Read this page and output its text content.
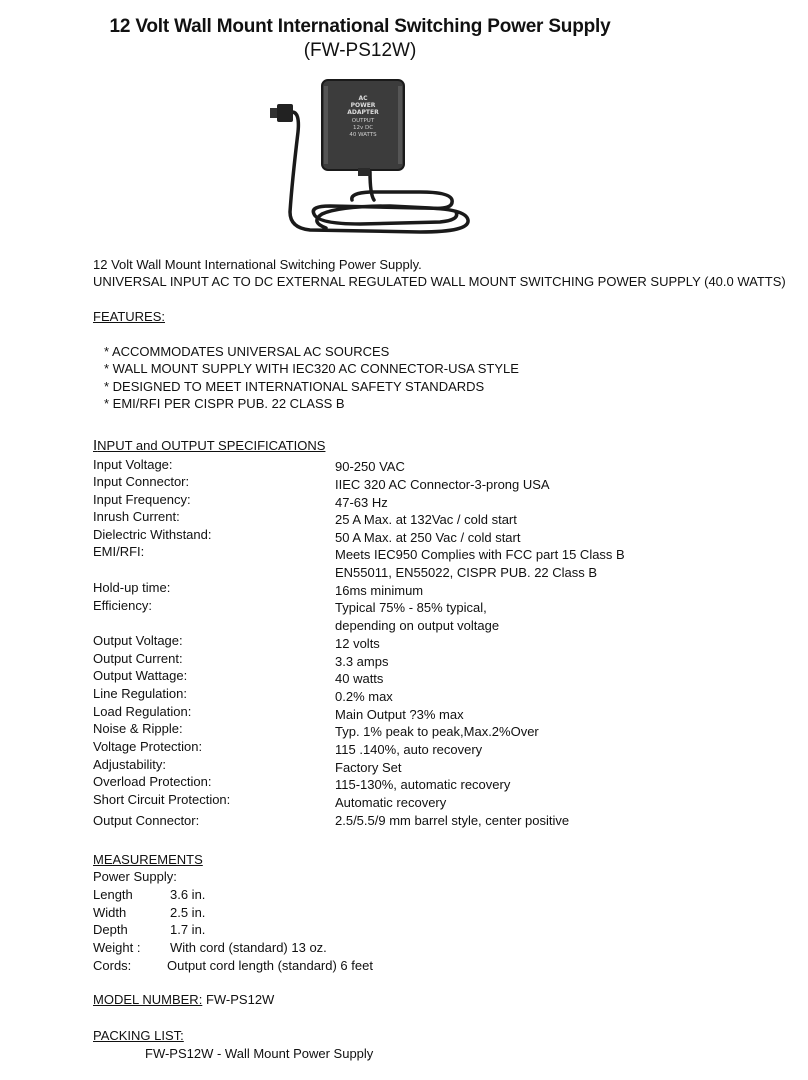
12 Volt Wall Mount International Switching Power Supply
(FW-PS12W)
AC
POWER
ADAPTER
OUTPUT
12v DC
40 WATTS
12 Volt Wall Mount International Switching Power Supply.
UNIVERSAL INPUT AC TO DC EXTERNAL REGULATED WALL MOUNT SWITCHING POWER SUPPLY (40.0 WATTS)
FEATURES:
* ACCOMMODATES UNIVERSAL AC SOURCES
* WALL MOUNT SUPPLY WITH IEC320 AC CONNECTOR-USA STYLE
* DESIGNED TO MEET INTERNATIONAL SAFETY STANDARDS
* EMI/RFI PER CISPR PUB. 22 CLASS B
INPUT and OUTPUT SPECIFICATIONS
Input Voltage:	90-250 VAC
Input Connector:	IIEC 320 AC Connector-3-prong USA
Input Frequency:	47-63 Hz
Inrush Current:	25 A Max. at 132Vac / cold start
Dielectric Withstand:	50 A Max. at 250 Vac / cold start
EMI/RFI:	Meets IEC950 Complies with FCC part 15 Class B
EN55011, EN55022, CISPR PUB. 22 Class B
Hold-up time:	16ms minimum
Efficiency:	Typical 75% - 85% typical,
depending on output voltage
Output Voltage:	12 volts
Output Current:	3.3 amps
Output Wattage:	40 watts
Line Regulation:	0.2% max
Load Regulation:	Main Output ?3% max
Noise & Ripple:	Typ. 1% peak to peak,Max.2%Over
Voltage Protection:	115 .140%, auto recovery
Adjustability:	Factory Set
Overload Protection:	115-130%, automatic recovery
Short Circuit Protection:	Automatic recovery
Output Connector:	2.5/5.5/9 mm barrel style, center positive
MEASUREMENTS
Power Supply:
Length	3.6 in.
Width	2.5 in.
Depth	1.7 in.
Weight : With cord (standard) 13 oz.
Cords:	Output cord length (standard) 6 feet
MODEL NUMBER: FW-PS12W
PACKING LIST:
FW-PS12W - Wall Mount Power Supply
